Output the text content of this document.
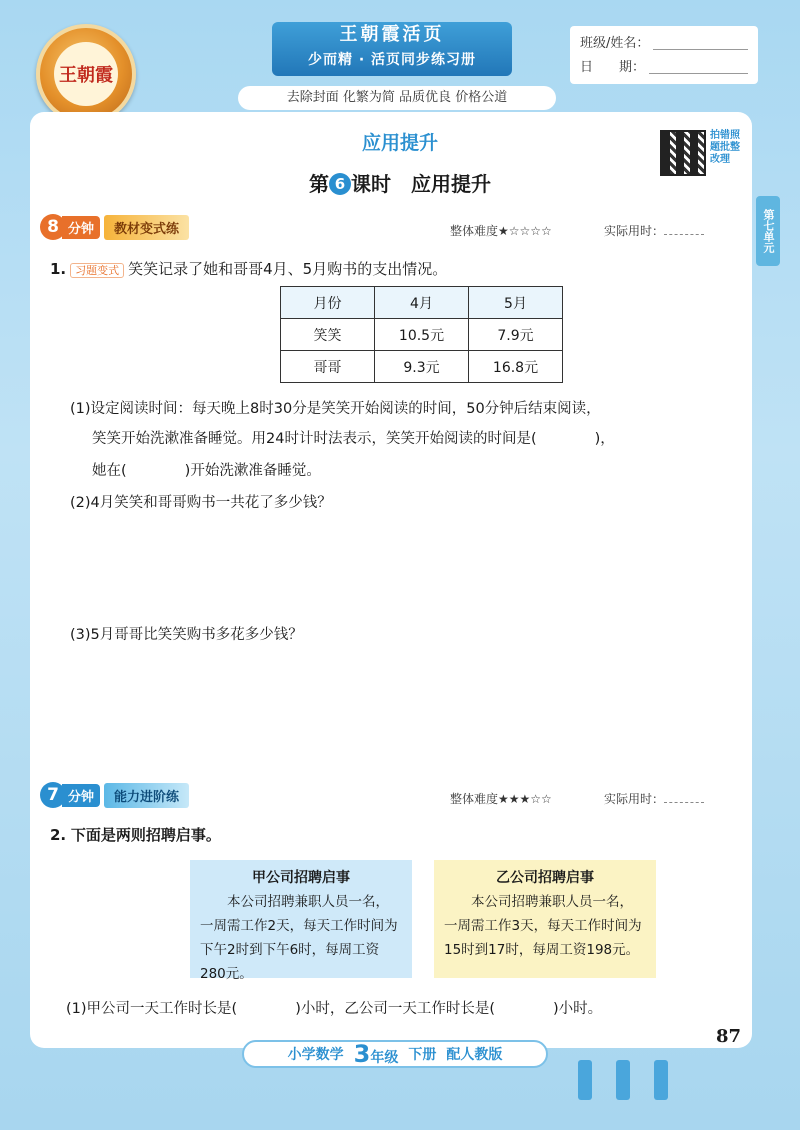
王朝霞
王朝霞活页
少而精 · 活页同步练习册
班级/姓名：
日　　期：
去除封面 化繁为简 品质优良 价格公道
第七单元
应用提升
第 6 课时　应用提升
拍错照题批整改理
8 分钟	教材变式练	整体难度★☆☆☆☆	实际用时：
1. 习题变式 笑笑记录了她和哥哥4月、5月购书的支出情况。
月份	4月	5月
笑笑	10.5元	7.9元
哥哥	9.3元	16.8元
(1)设定阅读时间：每天晚上8时30分是笑笑开始阅读的时间，50分钟后结束阅读，
笑笑开始洗漱准备睡觉。用24时计时法表示，笑笑开始阅读的时间是(　　　　)，
她在(　　　　)开始洗漱准备睡觉。
(2)4月笑笑和哥哥购书一共花了多少钱？
(3)5月哥哥比笑笑购书多花多少钱？
7 分钟	能力进阶练	整体难度★★★☆☆	实际用时：
2. 下面是两则招聘启事。
甲公司招聘启事
本公司招聘兼职人员一名，一周需工作2天，每天工作时间为下午2时到下午6时，每周工资280元。
乙公司招聘启事
本公司招聘兼职人员一名，一周需工作3天，每天工作时间为15时到17时，每周工资198元。
(1)甲公司一天工作时长是(　　　　)小时，乙公司一天工作时长是(　　　　)小时。
87
小学数学 3年级 下册 配人教版
